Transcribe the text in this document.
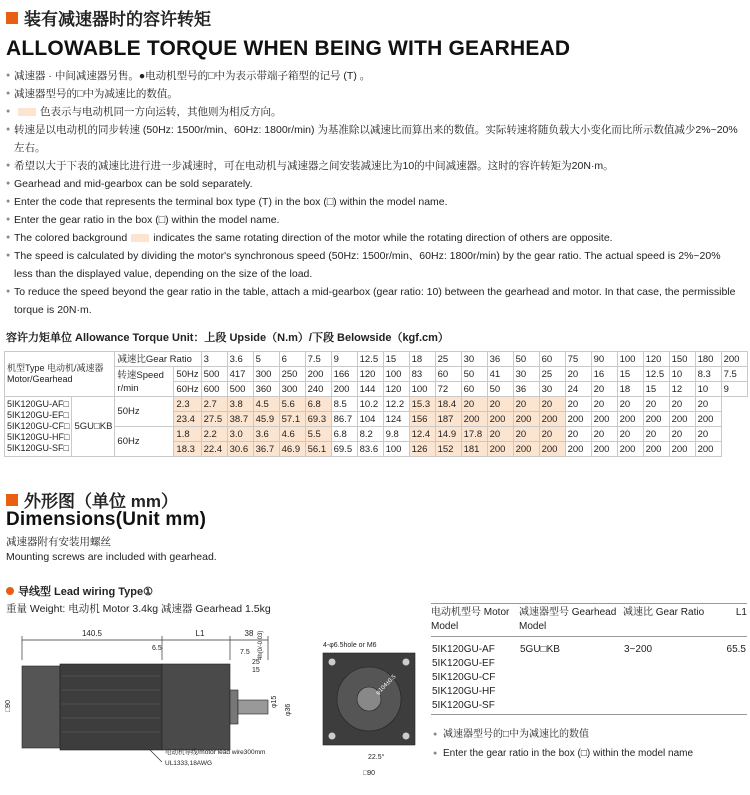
装有减速器时的容许转矩
ALLOWABLE TORQUE WHEN BEING WITH GEARHEAD
● 减速器 · 中间减速器另售。●电动机型号的□中为表示带端子箱型的记号 (T) 。
● 减速器型号的□中为减速比的数值。
● 色表示与电动机同一方向运转，其他则为相反方向。
● 转速是以电动机的同步转速 (50Hz: 1500r/min、60Hz: 1800r/min) 为基准除以减速比而算出来的数值。实际转速将随负载大小变化而比所示数值减少2%~20%左右。
● 希望以大于下表的减速比进行进一步减速时，可在电动机与减速器之间安装减速比为10的中间减速器。这时的容许转矩为20N·m。
● Gearhead and mid-gearbox can be sold separately.
● Enter the code that represents the terminal box type (T) in the box (□) within the model name.
● Enter the gear ratio in the box (□) within the model name.
● The colored background indicates the same rotating direction of the motor while the rotating direction of others are opposite.
● The speed is calculated by dividing the motor's synchronous speed (50Hz: 1500r/min、60Hz: 1800r/min) by the gear ratio. The actual speed is 2%~20% less than the displayed value, depending on the size of the load.
● To reduce the speed beyond the gear ratio in the table, attach a mid-gearbox (gear ratio: 10) between the gearhead and motor. In that case, the permissible torque is 20N·m.
容许力矩单位 Allowance Torque Unit：上段 Upside（N.m）/下段 Belowside（kgf.cm）
机型Type 电动机/减速器 Motor/Gearhead		减速比Gear Ratio		3	3.6	5	6	7.5	9	12.5	15	18	25	30	36	50	60	75	90	100	120	150	180	200
		转速Speed r/min	50Hz	500	417	300	250	200	166	120	100	83	60	50	41	30	25	20	16	15	12.5	10	8.3	7.5
			60Hz	600	500	360	300	240	200	144	120	100	72	60	50	36	30	24	20	18	15	12	10	9

5IK120GU-AF□
5IK120GU-EF□
5IK120GU-CF□
5IK120GU-HF□
5IK120GU-SF□	5GU□KB	50Hz	2.3	2.7	3.8	4.5	5.6	6.8	8.5	10.2	12.2	15.3	18.4	20	20	20	20	20	20	20	20	20	20	
			23.4	27.5	38.7	45.9	57.1	69.3	86.7	104	124	156	187	200	200	200	200	200	200	200	200	200	200	
		60Hz	1.8	2.2	3.0	3.6	4.6	5.5	6.8	8.2	9.8	12.4	14.9	17.8	20	20	20	20	20	20	20	20	20	
			18.3	22.4	30.6	36.7	46.9	56.1	69.5	83.6	100	126	152	181	200	200	200	200	200	200	200	200	200	
外形图（单位 mm）
Dimensions(Unit mm)
减速器附有安装用螺丝
Mounting screws are included with gearhead.
导线型 Lead wiring Type①
重量 Weight: 电动机 Motor 3.4kg 减速器 Gearhead 1.5kg
140.5	L1	38
6.5
7.5
25
15
φ15
φ36
4h(0/-0.03)
□90
电动机导线/motor lead wire300mm
UL1333,18AWG
4-φ6.5hole or M6
φ104±0.5
22.5°
□90
电动机型号 Motor Model	减速器型号 Gearhead Model	减速比 Gear Ratio	L1

5IK120GU-AF
5IK120GU-EF
5IK120GU-CF
5IK120GU-HF
5IK120GU-SF	5GU□KB	3~200	65.5
● 减速器型号的□中为减速比的数值
● Enter the gear ratio in the box (□) within the model name
